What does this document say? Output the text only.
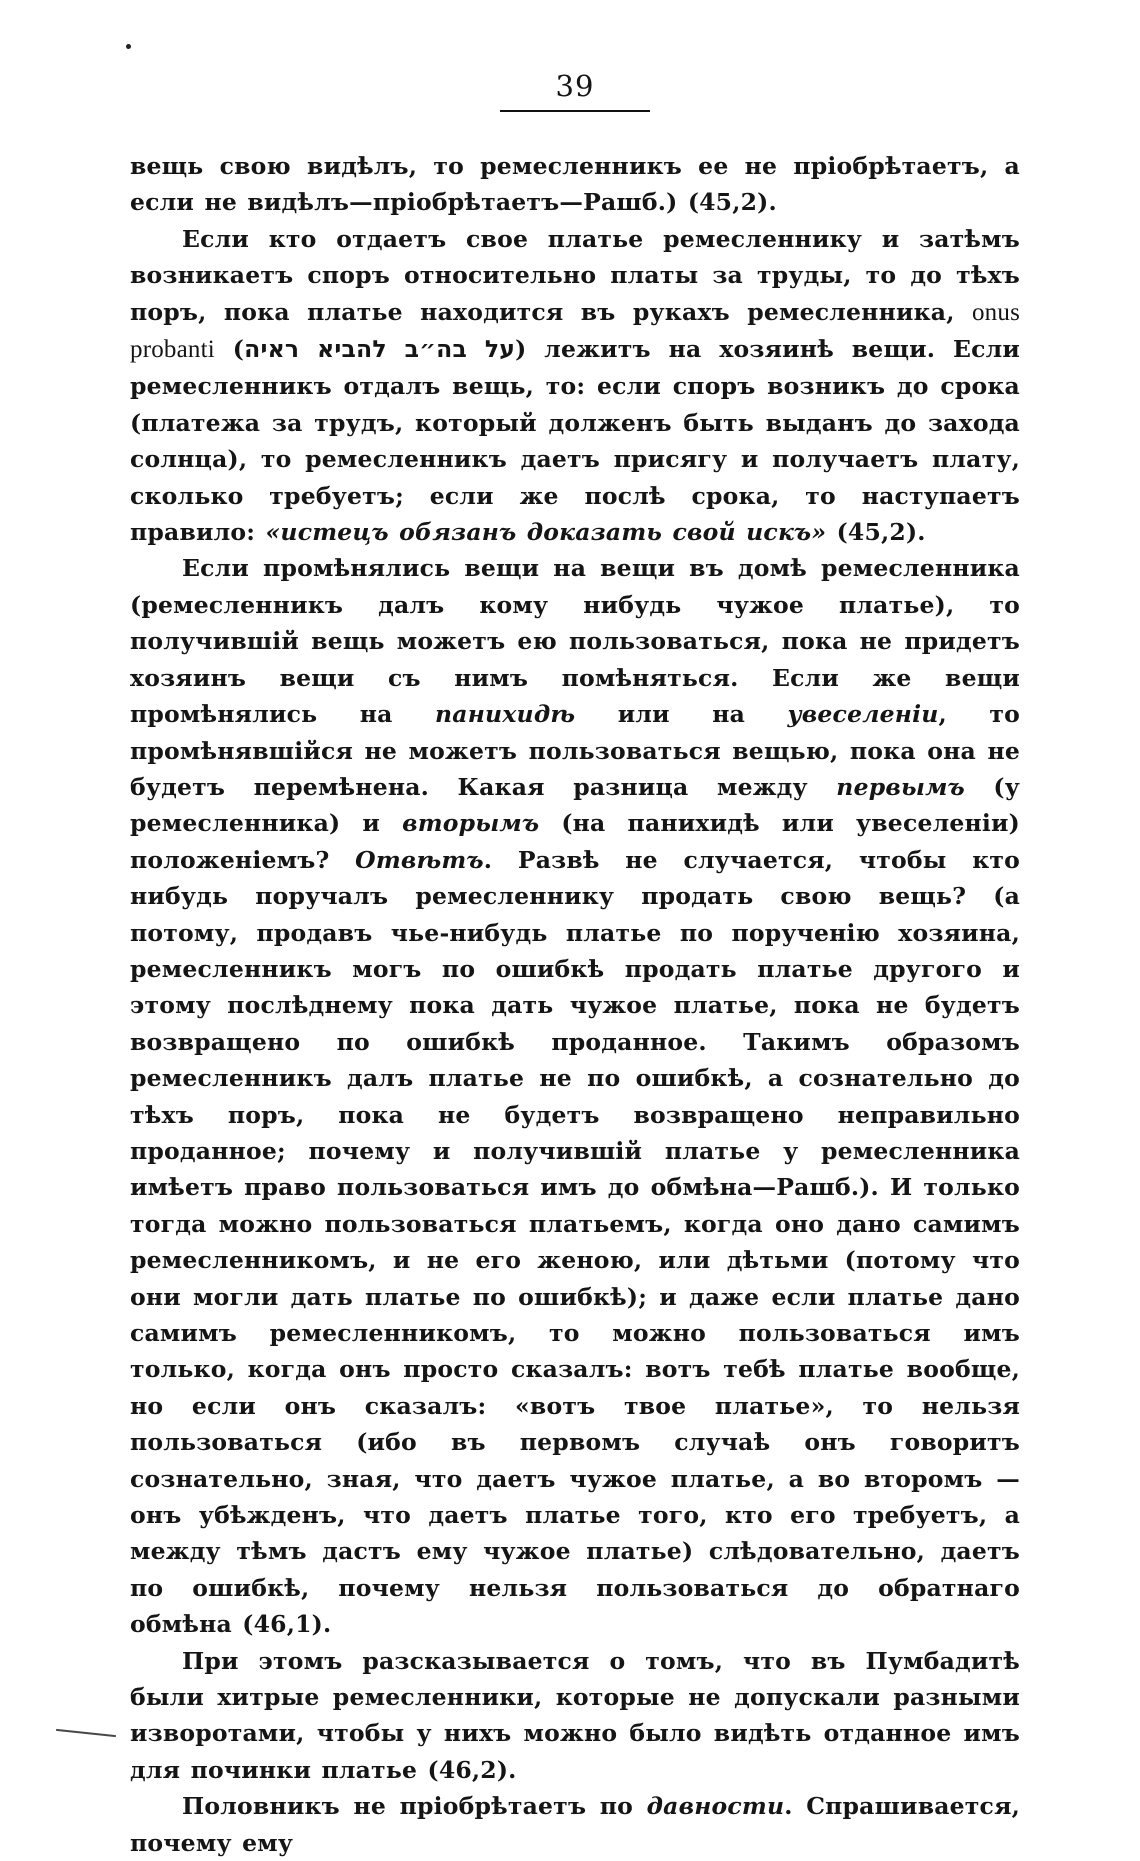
39

вещь свою видѣлъ, то ремесленникъ ее не пріобрѣтаетъ, а если не видѣлъ—пріобрѣтаетъ—Рашб.) (45,2).

Если кто отдаетъ свое платье ремесленнику и затѣмъ возникаетъ споръ относительно платы за труды, то до тѣхъ поръ, пока платье находится въ рукахъ ремесленника, onus probanti (על בה״ב להביא ראיה) лежитъ на хозяинѣ вещи. Если ремесленникъ отдалъ вещь, то: если споръ возникъ до срока (платежа за трудъ, который долженъ быть выданъ до захода солнца), то ремесленникъ даетъ присягу и получаетъ плату, сколько требуетъ; если же послѣ срока, то наступаетъ правило: «истецъ обязанъ доказать свой искъ» (45,2).

Если промѣнялись вещи на вещи въ домѣ ремесленника (ремесленникъ далъ кому нибудь чужое платье), то получившій вещь можетъ ею пользоваться, пока не придетъ хозяинъ вещи съ нимъ помѣняться. Если же вещи промѣнялись на панихидѣ или на увеселеніи, то промѣнявшійся не можетъ пользоваться вещью, пока она не будетъ перемѣнена. Какая разница между первымъ (у ремесленника) и вторымъ (на панихидѣ или увеселеніи) положеніемъ? Отвѣтъ. Развѣ не случается, чтобы кто нибудь поручалъ ремесленнику продать свою вещь? (а потому, продавъ чье-нибудь платье по порученію хозяина, ремесленникъ могъ по ошибкѣ продать платье другого и этому послѣднему пока дать чужое платье, пока не будетъ возвращено по ошибкѣ проданное. Такимъ образомъ ремесленникъ далъ платье не по ошибкѣ, а сознательно до тѣхъ поръ, пока не будетъ возвращено неправильно проданное; почему и получившій платье у ремесленника имѣетъ право пользоваться имъ до обмѣна—Рашб.). И только тогда можно пользоваться платьемъ, когда оно дано самимъ ремесленникомъ, и не его женою, или дѣтьми (потому что они могли дать платье по ошибкѣ); и даже если платье дано самимъ ремесленникомъ, то можно пользоваться имъ только, когда онъ просто сказалъ: вотъ тебѣ платье вообще, но если онъ сказалъ: «вотъ твое платье», то нельзя пользоваться (ибо въ первомъ случаѣ онъ говоритъ сознательно, зная, что даетъ чужое платье, а во второмъ — онъ убѣжденъ, что даетъ платье того, кто его требуетъ, а между тѣмъ дастъ ему чужое платье) слѣдовательно, даетъ по ошибкѣ, почему нельзя пользоваться до обратнаго обмѣна (46,1).

При этомъ разсказывается о томъ, что въ Пумбадитѣ были хитрые ремесленники, которые не допускали разными изворотами, чтобы у нихъ можно было видѣть отданное имъ для починки платье (46,2).

Половникъ не пріобрѣтаетъ по давности. Спрашивается, почему ему
